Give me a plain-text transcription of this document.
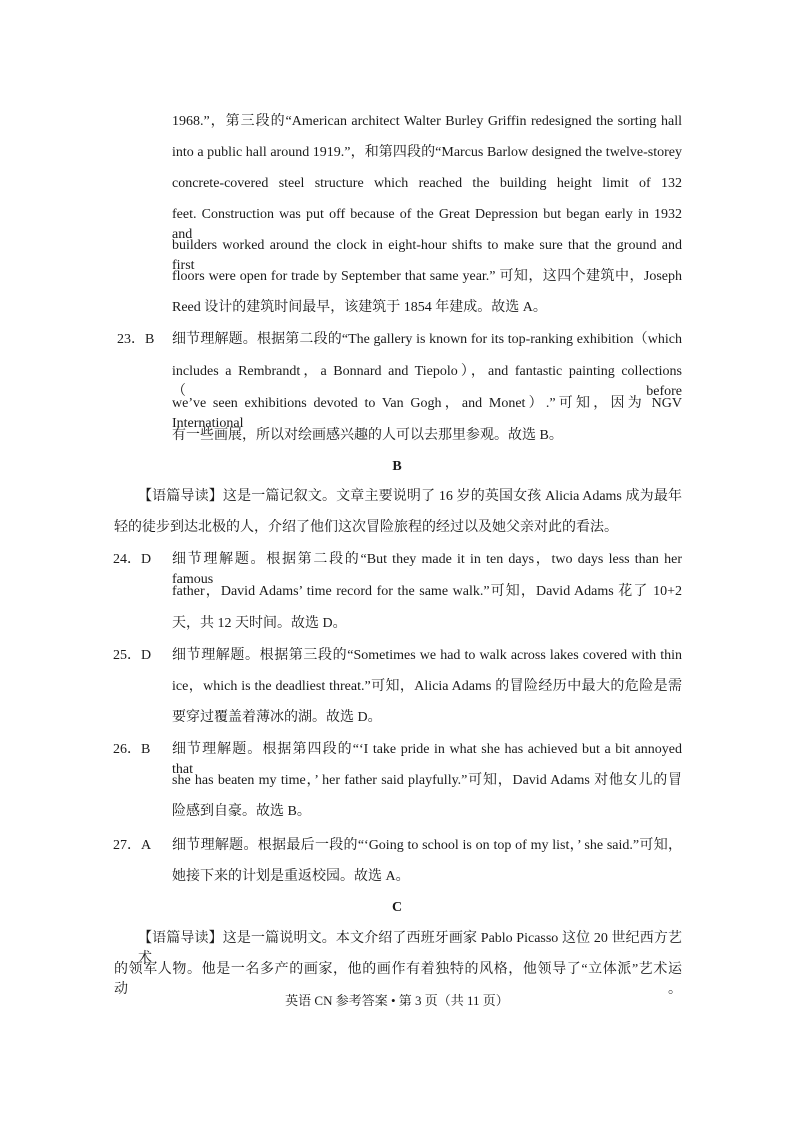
1968.”，第三段的“American architect Walter Burley Griffin redesigned the sorting hall
into a public hall around 1919.”，和第四段的“Marcus Barlow designed the twelve-storey
concrete-covered steel structure which reached the building height limit of 132
feet. Construction was put off because of the Great Depression but began early in 1932 and
builders worked around the clock in eight-hour shifts to make sure that the ground and first
floors were open for trade by September that same year.” 可知，这四个建筑中，Joseph
Reed 设计的建筑时间最早，该建筑于 1854 年建成。故选 A。
23．B 细节理解题。根据第二段的“The gallery is known for its top-ranking exhibition（which
includes a Rembrandt，a Bonnard and Tiepolo），and fantastic painting collections（before
we’ve seen exhibitions devoted to Van Gogh，and Monet）.”可知，因为 NGV International
有一些画展，所以对绘画感兴趣的人可以去那里参观。故选 B。
B
【语篇导读】这是一篇记叙文。文章主要说明了 16 岁的英国女孩 Alicia Adams 成为最年
轻的徒步到达北极的人，介绍了他们这次冒险旅程的经过以及她父亲对此的看法。
24．D 细节理解题。根据第二段的“But they made it in ten days，two days less than her famous
father，David Adams’ time record for the same walk.”可知，David Adams 花了 10+2
天，共 12 天时间。故选 D。
25．D 细节理解题。根据第三段的“Sometimes we had to walk across lakes covered with thin
ice，which is the deadliest threat.”可知，Alicia Adams 的冒险经历中最大的危险是需
要穿过覆盖着薄冰的湖。故选 D。
26．B 细节理解题。根据第四段的“‘I take pride in what she has achieved but a bit annoyed that
she has beaten my time，’ her father said playfully.”可知，David Adams 对他女儿的冒
险感到自豪。故选 B。
27．A 细节理解题。根据最后一段的“‘Going to school is on top of my list，’ she said.”可知，
她接下来的计划是重返校园。故选 A。
C
【语篇导读】这是一篇说明文。本文介绍了西班牙画家 Pablo Picasso 这位 20 世纪西方艺术
的领军人物。他是一名多产的画家，他的画作有着独特的风格，他领导了“立体派”艺术运动。
英语 CN 参考答案 • 第 3 页（共 11 页）
